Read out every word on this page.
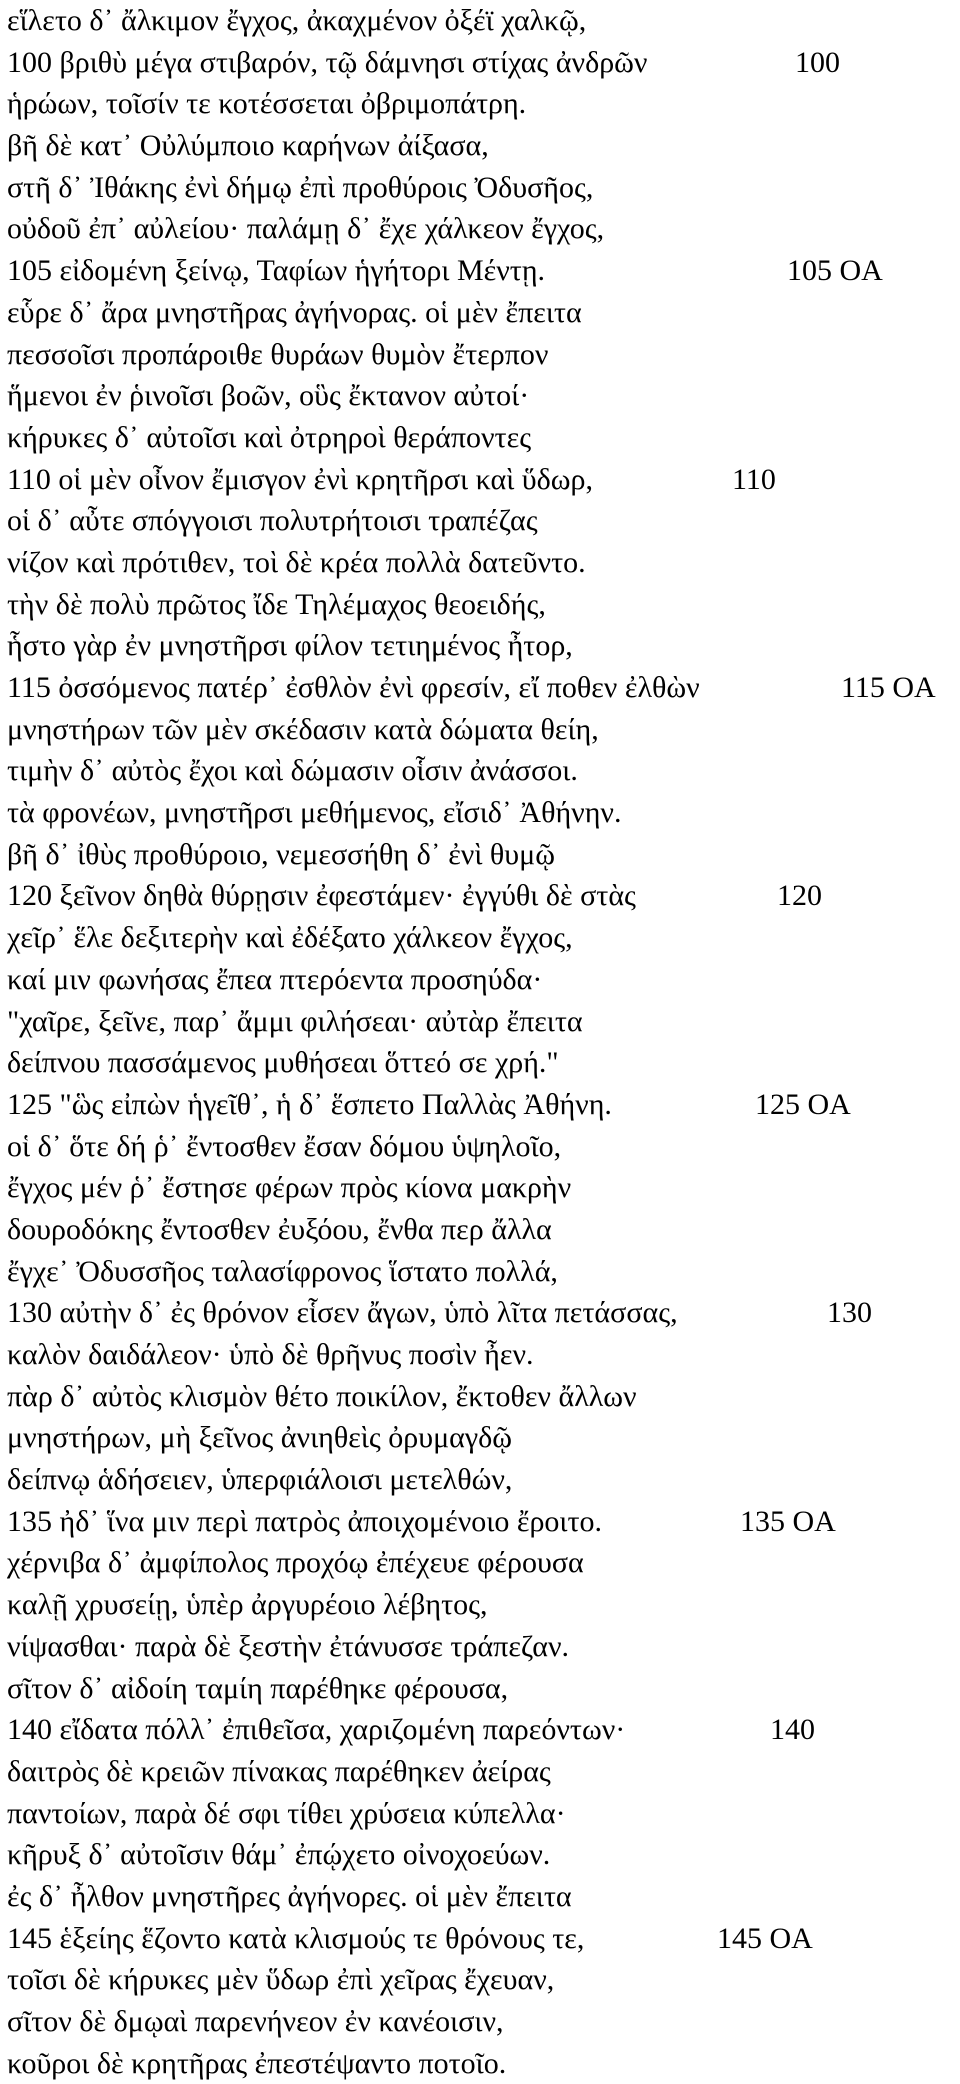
εἵλετο δ᾽ ἄλκιμον ἔγχος, ἀκαχμένον ὀξέϊ χαλκῷ,
100 βριθὺ μέγα στιβαρόν, τῷ δάμνησι στίχας ἀνδρῶν	100
ἡρώων, τοῖσίν τε κοτέσσεται ὀβριμοπάτρη.
βῆ δὲ κατ᾽ Οὐλύμποιο καρήνων ἀίξασα,
στῆ δ᾽ Ἰθάκης ἐνὶ δήμῳ ἐπὶ προθύροις Ὀδυσῆος,
οὐδοῦ ἐπ᾽ αὐλείου· παλάμῃ δ᾽ ἔχε χάλκεον ἔγχος,
105 εἰδομένη ξείνῳ, Ταφίων ἡγήτορι Μέντῃ.	105 OA
εὗρε δ᾽ ἄρα μνηστῆρας ἀγήνορας. οἱ μὲν ἔπειτα
πεσσοῖσι προπάροιθε θυράων θυμὸν ἔτερπον
ἥμενοι ἐν ῥινοῖσι βοῶν, οὓς ἔκτανον αὐτοί·
κήρυκες δ᾽ αὐτοῖσι καὶ ὀτρηροὶ θεράποντες
110 οἱ μὲν οἶνον ἔμισγον ἐνὶ κρητῆρσι καὶ ὕδωρ,	110
οἱ δ᾽ αὖτε σπόγγοισι πολυτρήτοισι τραπέζας
νίζον καὶ πρότιθεν, τοὶ δὲ κρέα πολλὰ δατεῦντο.
τὴν δὲ πολὺ πρῶτος ἴδε Τηλέμαχος θεοειδής,
ἧστο γὰρ ἐν μνηστῆρσι φίλον τετιημένος ἦτορ,
115 ὀσσόμενος πατέρ᾽ ἐσθλὸν ἐνὶ φρεσίν, εἴ ποθεν ἐλθὼν	115 OA
μνηστήρων τῶν μὲν σκέδασιν κατὰ δώματα θείη,
τιμὴν δ᾽ αὐτὸς ἔχοι καὶ δώμασιν οἷσιν ἀνάσσοι.
τὰ φρονέων, μνηστῆρσι μεθήμενος, εἴσιδ᾽ Ἀθήνην.
βῆ δ᾽ ἰθὺς προθύροιο, νεμεσσήθη δ᾽ ἐνὶ θυμῷ
120 ξεῖνον δηθὰ θύρῃσιν ἐφεστάμεν· ἐγγύθι δὲ στὰς	120
χεῖρ᾽ ἕλε δεξιτερὴν καὶ ἐδέξατο χάλκεον ἔγχος,
καί μιν φωνήσας ἔπεα πτερόεντα προσηύδα·
"χαῖρε, ξεῖνε, παρ᾽ ἄμμι φιλήσεαι· αὐτὰρ ἔπειτα
δείπνου πασσάμενος μυθήσεαι ὅττεό σε χρή."
125 "ὣς εἰπὼν ἡγεῖθ᾽, ἡ δ᾽ ἕσπετο Παλλὰς Ἀθήνη.	125 OA
οἱ δ᾽ ὅτε δή ῥ᾽ ἔντοσθεν ἔσαν δόμου ὑψηλοῖο,
ἔγχος μέν ῥ᾽ ἔστησε φέρων πρὸς κίονα μακρὴν
δουροδόκης ἔντοσθεν ἐυξόου, ἔνθα περ ἄλλα
ἔγχε᾽ Ὀδυσσῆος ταλασίφρονος ἵστατο πολλά,
130 αὐτὴν δ᾽ ἐς θρόνον εἷσεν ἄγων, ὑπὸ λῖτα πετάσσας,	130
καλὸν δαιδάλεον· ὑπὸ δὲ θρῆνυς ποσὶν ἦεν.
πὰρ δ᾽ αὐτὸς κλισμὸν θέτο ποικίλον, ἔκτοθεν ἄλλων
μνηστήρων, μὴ ξεῖνος ἀνιηθεὶς ὀρυμαγδῷ
δείπνῳ ἁδήσειεν, ὑπερφιάλοισι μετελθών,
135 ἠδ᾽ ἵνα μιν περὶ πατρὸς ἀποιχομένοιο ἔροιτο.	135 OA
χέρνιβα δ᾽ ἀμφίπολος προχόῳ ἐπέχευε φέρουσα
καλῇ χρυσείῃ, ὑπὲρ ἀργυρέοιο λέβητος,
νίψασθαι· παρὰ δὲ ξεστὴν ἐτάνυσσε τράπεζαν.
σῖτον δ᾽ αἰδοίη ταμίη παρέθηκε φέρουσα,
140 εἴδατα πόλλ᾽ ἐπιθεῖσα, χαριζομένη παρεόντων·	140
δαιτρὸς δὲ κρειῶν πίνακας παρέθηκεν ἀείρας
παντοίων, παρὰ δέ σφι τίθει χρύσεια κύπελλα·
κῆρυξ δ᾽ αὐτοῖσιν θάμ᾽ ἐπῴχετο οἰνοχοεύων.
ἐς δ᾽ ἦλθον μνηστῆρες ἀγήνορες. οἱ μὲν ἔπειτα
145 ἑξείης ἕζοντο κατὰ κλισμούς τε θρόνους τε,	145 OA
τοῖσι δὲ κήρυκες μὲν ὕδωρ ἐπὶ χεῖρας ἔχευαν,
σῖτον δὲ δμῳαὶ παρενήνεον ἐν κανέοισιν,
κοῦροι δὲ κρητῆρας ἐπεστέψαντο ποτοῖο.
